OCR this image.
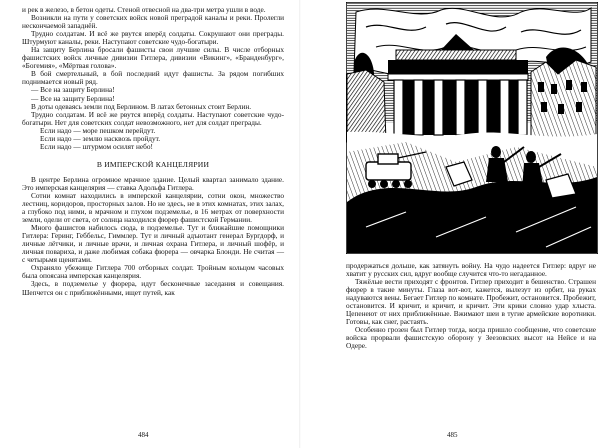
и рек в железо, в бетон одеты. Стеной отвесной на два-три метра ушли в воде.

Возникли на пути у советских войск новой преградой каналы и реки. Пролегли нескончаемой западнёй.

Трудно солдатам. И всё же рвутся вперёд солдаты. Сокрушают они преграды. Штурмуют каналы, реки. Наступают советские чудо-богатыри.

На защиту Берлина бросали фашисты свои лучшие силы. В числе отборных фашистских войск личные дивизии Гитлера, дивизии «Викинг», «Бранденбург», «Богемия», «Мёртвая голова».

В бой смертельный, в бой последний идут фашисты. За рядом погибших поднимается новый ряд.

— Все на защиту Берлина!

— Все на защиту Берлина!

В доты одеваясь земли под Берлином. В латах бетонных стоит Берлин.

Трудно солдатам. И всё же рвутся вперёд солдаты. Наступают советские чудо-богатыри. Нет для советских солдат невозможного, нет для солдат преграды.

Если надо — море пешком перейдут.

Если надо — землю насквозь пройдут.

Если надо — штурмом осилят небо!

В ИМПЕРСКОЙ КАНЦЕЛЯРИИ

В центре Берлина огромное мрачное здание. Целый квартал занимало здание. Это имперская канцелярия — ставка Адольфа Гитлера.

Сотни комнат находились в имперской канцелярии, сотни окон, множество лестниц, коридоров, просторных залов. Но не здесь, не в этих комнатах, этих залах, а глубоко под ними, в мрачном и глухом подземелье, в 16 метрах от поверхности земли, одели от света, от солнца находился фюрер фашистской Германии.

Много фашистов набилось сюда, в подземелье. Тут и ближайшие помощники Гитлера: Геринг, Геббельс, Гиммлер. Тут и личный адъютант генерал Бургдорф, и личные лётчики, и личные врачи, и личная охрана Гитлера, и личный шофёр, и личная повариха, и даже любимая собака фюрера — овчарка Блонди. Не считая — с четырьмя щенятами.

Охраняло убежище Гитлера 700 отборных солдат. Тройным кольцом часовых была опоясана имперская канцелярия.

Здесь, в подземелье у фюрера, идут бесконечные заседания и совещания. Шепчется он с приближёнными, ищет путей, как

484

продержаться дольше, как затянуть войну. На чудо надеется Гитлер: вдруг не хватит у русских сил, вдруг вообще случится что-то негаданное.

Тяжёлые вести приходят с фронтов. Гитлер приходит в бешенство. Страшен фюрер в такие минуты. Глаза вот-вот, кажется, вылезут из орбит, на руках надуваются вены. Бегает Гитлер по комнате. Пробежит, остановится. Пробежит, остановится. И кричит, и кричит, и кричит. Эти крики словно удар хлыста. Цепенеют от них приближённые. Вжимают шеи в тугие армейские воротники. Готовы, как снег, растаять.

Особенно грозен был Гитлер тогда, когда пришло сообщение, что советские войска прорвали фашистскую оборону у Зеезовских высот на Нейсе и на Одере.

485
